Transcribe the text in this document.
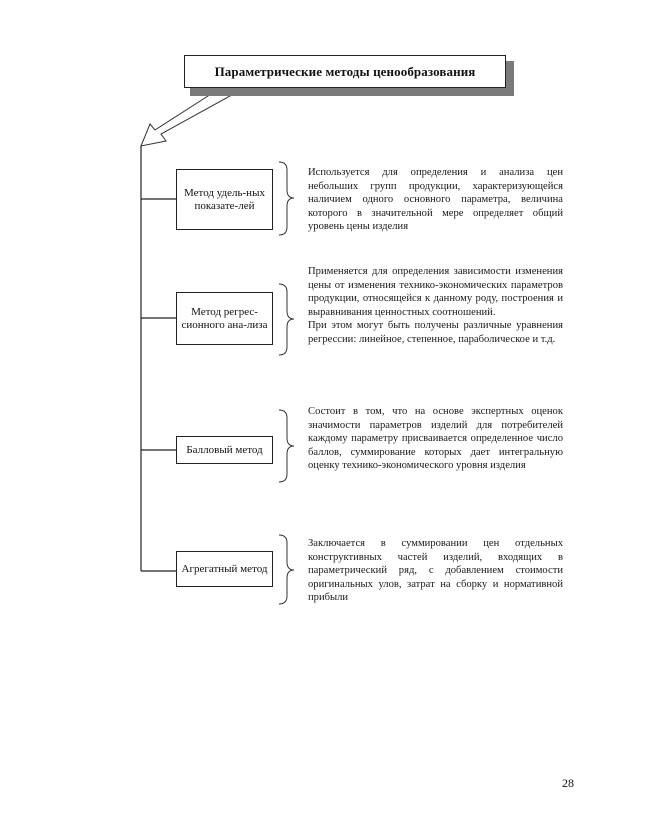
Параметрические методы ценообразования
Метод удель-ных показате-лей

Используется для определения и анализа цен небольших групп продукции, характеризующейся наличием одного основного параметра, величина которого в значительной мере определяет общий уровень цены изделия

Метод регрес-сионного ана-лиза

Применяется для определения зависимости изменения цены от изменения технико-экономических параметров продукции, относящейся к данному роду, построения и выравнивания ценностных соотношений.

При этом могут быть получены различные уравнения регрессии: линейное, степенное, параболическое и т.д.

Балловый метод

Состоит в том, что на основе экспертных оценок значимости параметров изделий для потребителей каждому параметру присваивается определенное число баллов, суммирование которых дает интегральную оценку технико-экономического уровня изделия

Агрегатный метод

Заключается в суммировании цен отдельных конструктивных частей изделий, входящих в параметрический ряд, с добавлением стоимости оригинальных улов, затрат на сборку и нормативной прибыли

28
